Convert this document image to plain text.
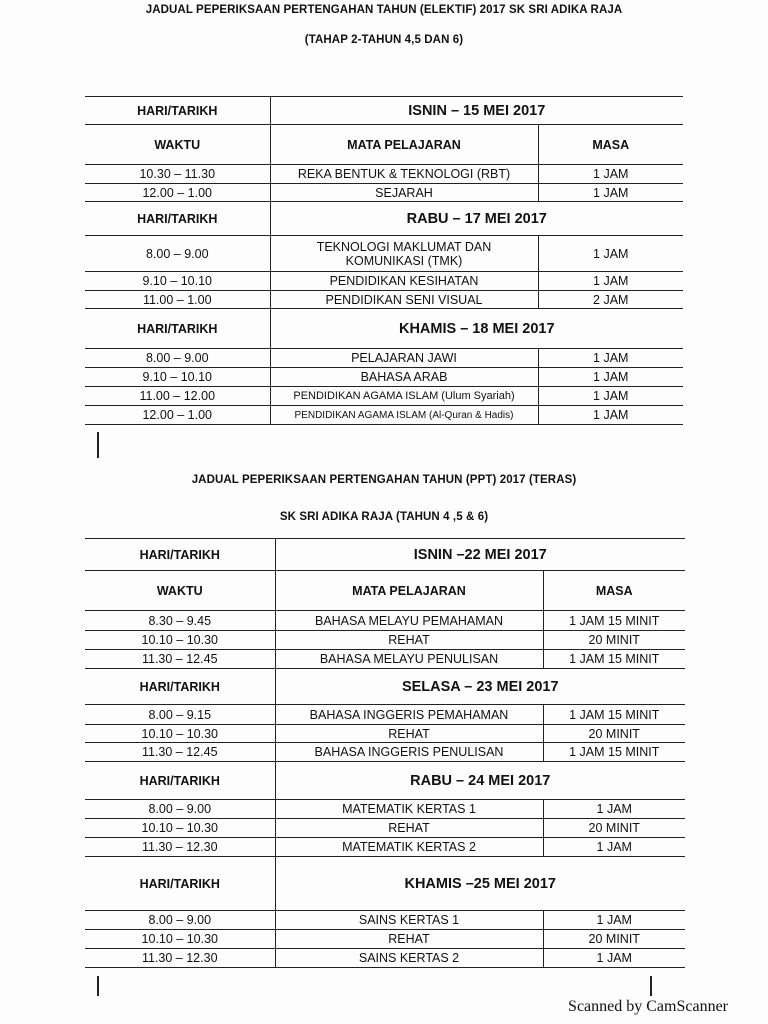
JADUAL PEPERIKSAAN PERTENGAHAN TAHUN (ELEKTIF) 2017 SK SRI ADIKA RAJA
(TAHAP 2-TAHUN 4,5 DAN 6)
HARI/TARIKH	ISNIN – 15 MEI 2017	
WAKTU	MATA PELAJARAN	MASA
10.30 – 11.30	REKA BENTUK & TEKNOLOGI (RBT)	1 JAM
12.00 – 1.00	SEJARAH	1 JAM
HARI/TARIKH	RABU – 17 MEI 2017	
8.00 – 9.00	TEKNOLOGI MAKLUMAT DAN
KOMUNIKASI (TMK)	1 JAM
9.10 – 10.10	PENDIDIKAN KESIHATAN	1 JAM
11.00 – 1.00	PENDIDIKAN SENI VISUAL	2 JAM
HARI/TARIKH	KHAMIS – 18 MEI 2017	
8.00 – 9.00	PELAJARAN JAWI	1 JAM
9.10 – 10.10	BAHASA ARAB	1 JAM
11.00 – 12.00	PENDIDIKAN AGAMA ISLAM (Ulum Syariah)	1 JAM
12.00 – 1.00	PENDIDIKAN AGAMA ISLAM (Al-Quran & Hadis)	1 JAM
JADUAL PEPERIKSAAN PERTENGAHAN TAHUN (PPT) 2017 (TERAS)
SK SRI ADIKA RAJA (TAHUN 4 ,5 & 6)
HARI/TARIKH	ISNIN –22 MEI 2017	
WAKTU	MATA PELAJARAN	MASA
8.30 – 9.45	BAHASA MELAYU PEMAHAMAN	1 JAM 15 MINIT
10.10 – 10.30	REHAT	20 MINIT
11.30 – 12.45	BAHASA MELAYU PENULISAN	1 JAM 15 MINIT
HARI/TARIKH	SELASA – 23 MEI 2017	
8.00 – 9.15	BAHASA INGGERIS PEMAHAMAN	1 JAM 15 MINIT
10.10 – 10.30	REHAT	20 MINIT
11.30 – 12.45	BAHASA INGGERIS PENULISAN	1 JAM 15 MINIT
HARI/TARIKH	RABU – 24 MEI 2017	
8.00 – 9.00	MATEMATIK KERTAS 1	1 JAM
10.10 – 10.30	REHAT	20 MINIT
11.30 – 12.30	MATEMATIK KERTAS 2	1 JAM
HARI/TARIKH	KHAMIS –25 MEI 2017	
8.00 – 9.00	SAINS KERTAS 1	1 JAM
10.10 – 10.30	REHAT	20 MINIT
11.30 – 12.30	SAINS KERTAS 2	1 JAM
Scanned by CamScanner
